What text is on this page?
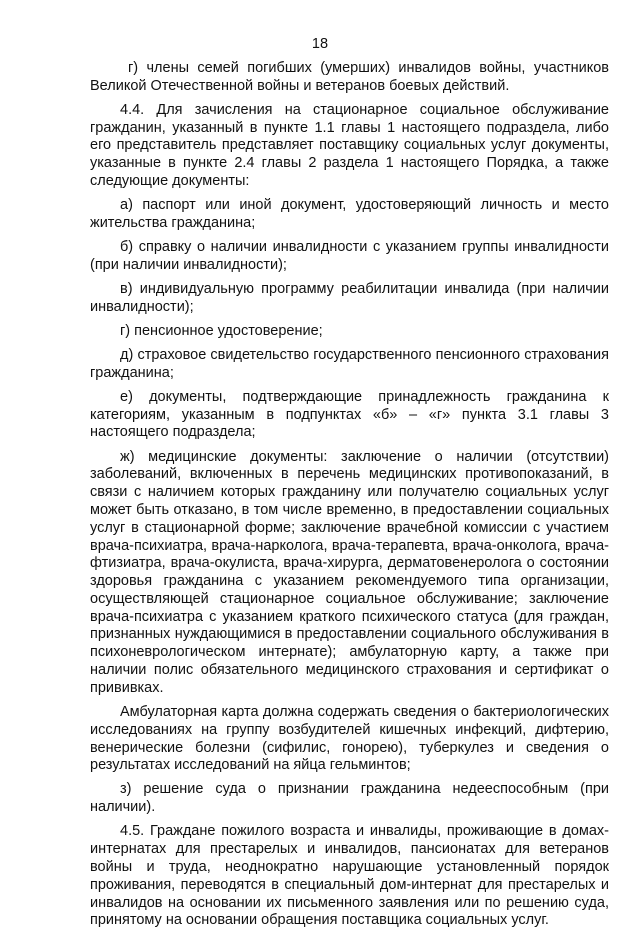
18

г) члены семей погибших (умерших) инвалидов войны, участников Великой Отечественной войны и ветеранов боевых действий.

4.4. Для зачисления на стационарное социальное обслуживание гражданин, указанный в пункте 1.1 главы 1 настоящего подраздела, либо его представитель представляет поставщику социальных услуг документы, указанные в пункте 2.4 главы 2 раздела 1 настоящего Порядка, а также следующие документы:

а) паспорт или иной документ, удостоверяющий личность и место жительства гражданина;

б) справку о наличии инвалидности с указанием группы инвалидности (при наличии инвалидности);

в) индивидуальную программу реабилитации инвалида (при наличии инвалидности);

г) пенсионное удостоверение;

д) страховое свидетельство государственного пенсионного страхования гражданина;

е) документы, подтверждающие принадлежность гражданина к категориям, указанным в подпунктах «б» – «г» пункта 3.1 главы 3 настоящего подраздела;

ж) медицинские документы: заключение о наличии (отсутствии) заболеваний, включенных в перечень медицинских противопоказаний, в связи с наличием которых гражданину или получателю социальных услуг может быть отказано, в том числе временно, в предоставлении социальных услуг в стационарной форме; заключение врачебной комиссии с участием врача-психиатра, врача-нарколога, врача-терапевта, врача-онколога, врача-фтизиатра, врача-окулиста, врача-хирурга, дерматовенеролога о состоянии здоровья гражданина с указанием рекомендуемого типа организации, осуществляющей стационарное социальное обслуживание; заключение врача-психиатра с указанием краткого психического статуса (для граждан, признанных нуждающимися в предоставлении социального обслуживания в психоневрологическом интернате); амбулаторную карту, а также при наличии полис обязательного медицинского страхования и сертификат о прививках.

Амбулаторная карта должна содержать сведения о бактериологических исследованиях на группу возбудителей кишечных инфекций, дифтерию, венерические болезни (сифилис, гонорею), туберкулез и сведения о результатах исследований на яйца гельминтов;

з) решение суда о признании гражданина недееспособным (при наличии).

4.5. Граждане пожилого возраста и инвалиды, проживающие в домах-интернатах для престарелых и инвалидов, пансионатах для ветеранов войны и труда, неоднократно нарушающие установленный порядок проживания, переводятся в специальный дом-интернат для престарелых и инвалидов на основании их письменного заявления или по решению суда, принятому на основании обращения поставщика социальных услуг.
